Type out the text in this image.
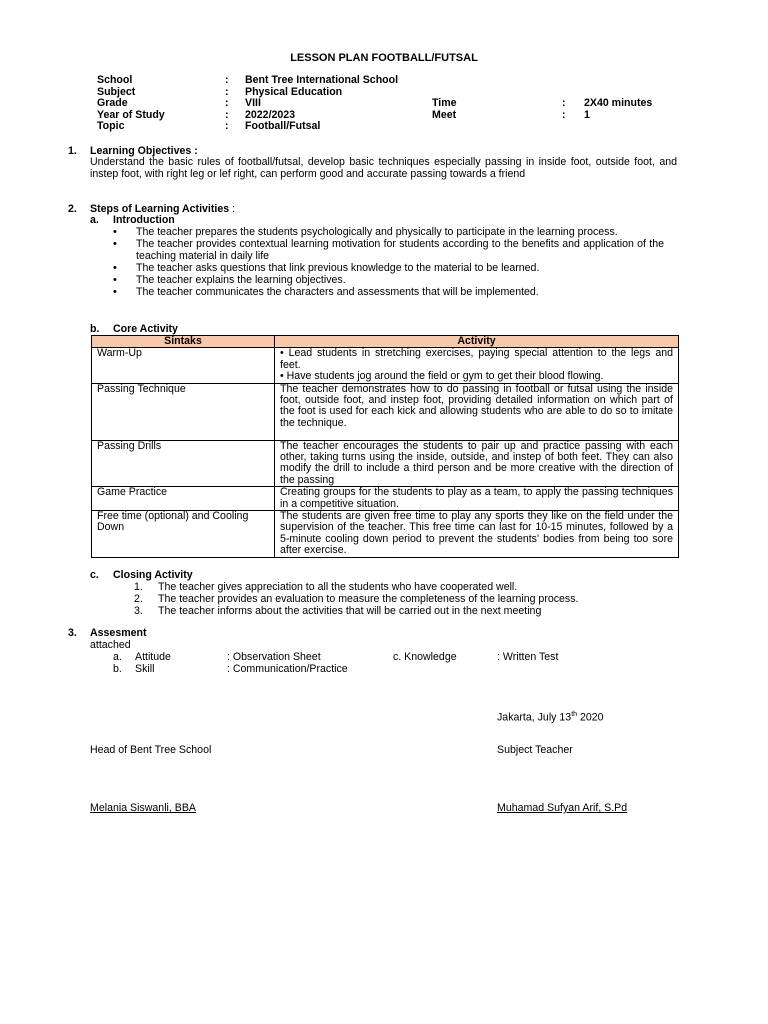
LESSON PLAN FOOTBALL/FUTSAL
School	:	Bent Tree International School
Subject	:	Physical Education
Grade	:	VIII	Time	:	2X40 minutes
Year of Study	:	2022/2023	Meet	:	1
Topic	:	Football/Futsal
1. Learning Objectives :
Understand the basic rules of football/futsal, develop basic techniques especially passing in inside foot, outside foot, and instep foot, with right leg or lef right, can perform good and accurate passing towards a friend
2. Steps of Learning Activities :
a. Introduction
• The teacher prepares the students psychologically and physically to participate in the learning process.
• The teacher provides contextual learning motivation for students according to the benefits and application of the teaching material in daily life
• The teacher asks questions that link previous knowledge to the material to be learned.
• The teacher explains the learning objectives.
• The teacher communicates the characters and assessments that will be implemented.
b. Core Activity
Sintaks	Activity
Warm-Up	• Lead students in stretching exercises, paying special attention to the legs and feet.
• Have students jog around the field or gym to get their blood flowing.

Passing Technique	The teacher demonstrates how to do passing in football or futsal using the inside foot, outside foot, and instep foot, providing detailed information on which part of the foot is used for each kick and allowing students who are able to do so to imitate the technique.
Passing Drills	The teacher encourages the students to pair up and practice passing with each other, taking turns using the inside, outside, and instep of both feet. They can also modify the drill to include a third person and be more creative with the direction of the passing
Game Practice	Creating groups for the students to play as a team, to apply the passing techniques in a competitive situation.
Free time (optional) and Cooling Down	The students are given free time to play any sports they like on the field under the supervision of the teacher. This free time can last for 10-15 minutes, followed by a 5-minute cooling down period to prevent the students' bodies from being too sore after exercise.
c. Closing Activity
1.	The teacher gives appreciation to all the students who have cooperated well.
2.	The teacher provides an evaluation to measure the completeness of the learning process.
3.	The teacher informs about the activities that will be carried out in the next meeting
3. Assesment
attached
a. Attitude	: Observation Sheet	c. Knowledge	: Written Test
b. Skill	: Communication/Practice
Jakarta, July 13th 2020
Head of Bent Tree School	Subject Teacher
Melania Siswanli, BBA	Muhamad Sufyan Arif, S.Pd
